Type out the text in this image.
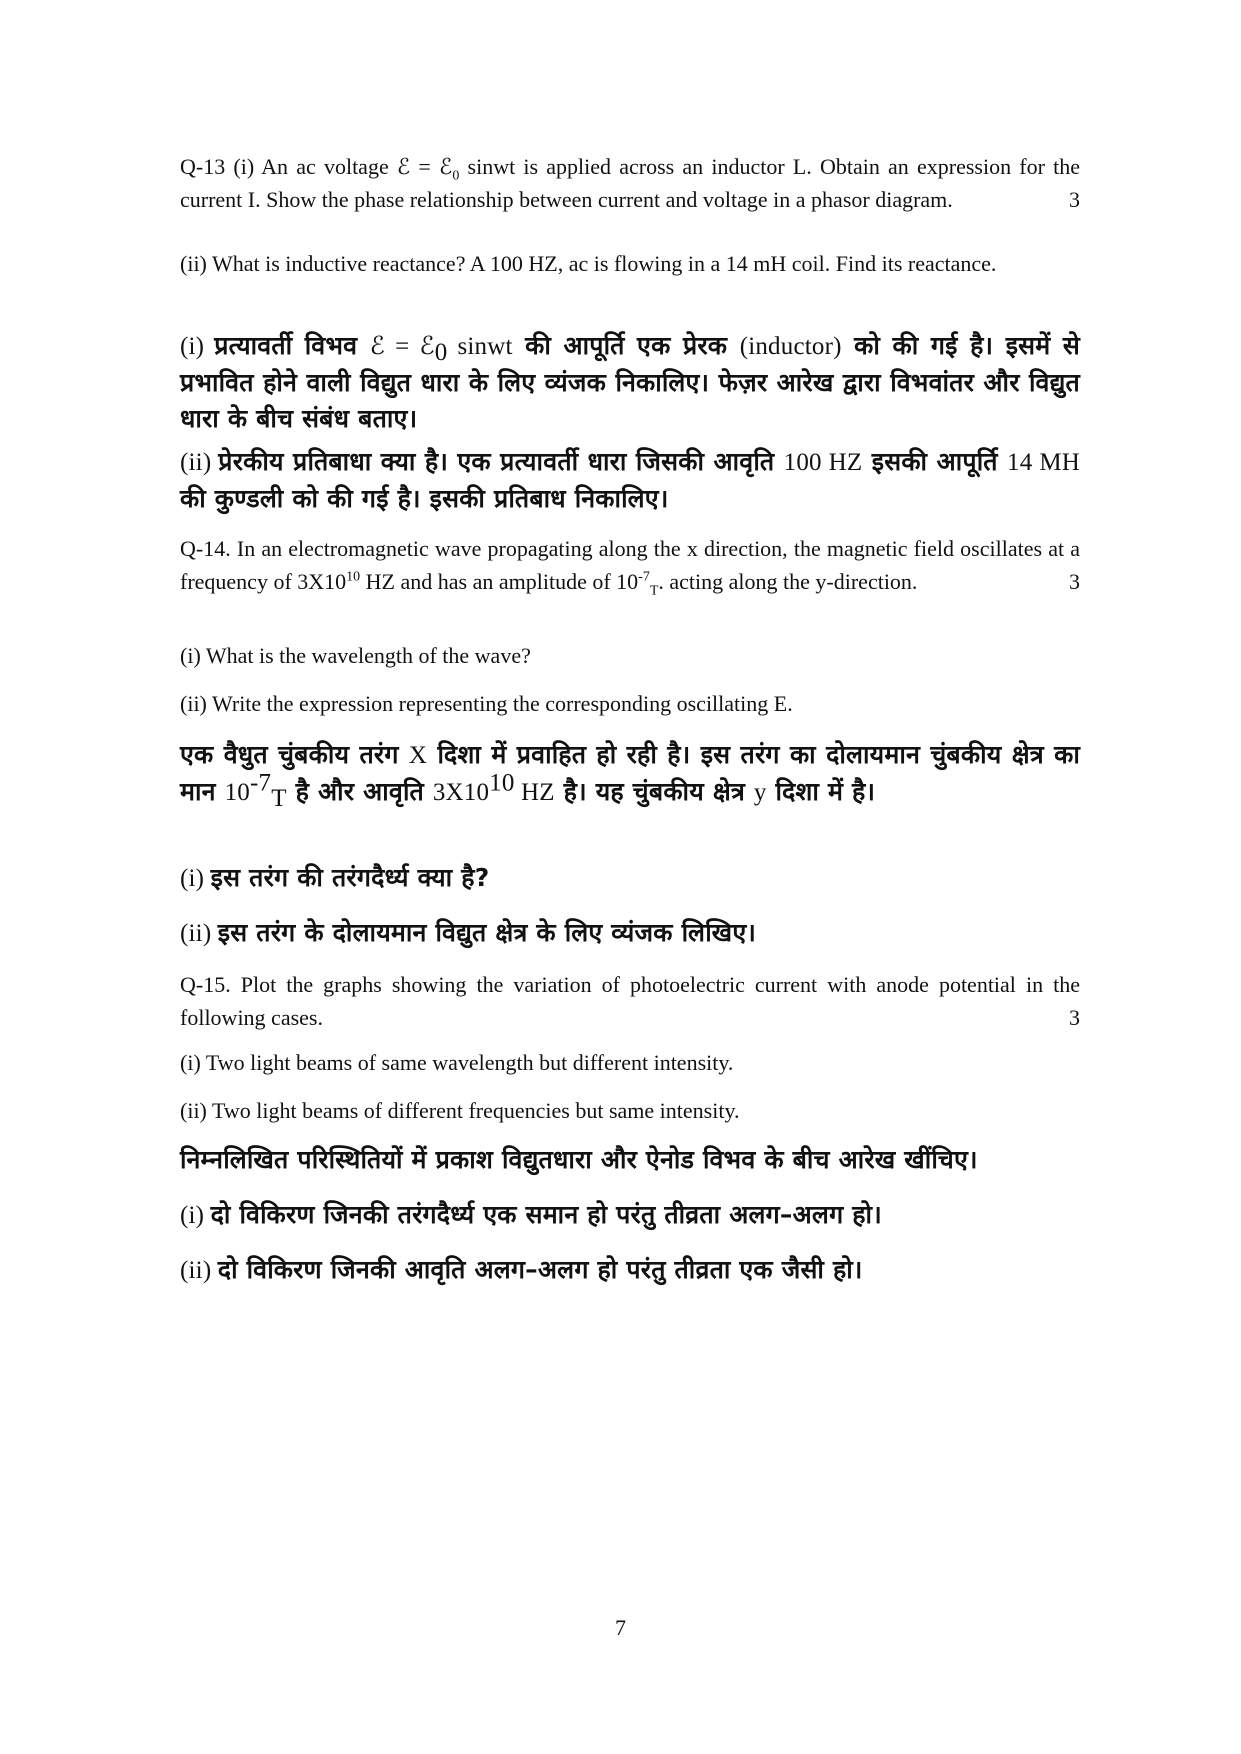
Q-13 (i) An ac voltage ℰ = ℰ$_0$ sinwt is applied across an inductor L. Obtain an expression for the current I. Show the phase relationship between current and voltage in a phasor diagram.	3

(ii) What is inductive reactance? A 100 HZ, ac is flowing in a 14 mH coil. Find its reactance.

(i) प्रत्यावर्ती विभव ℰ = ℰ$_0$ sinwt की आपूर्ति एक प्रेरक (inductor) को की गई है। इसमें से प्रभावित होने वाली विद्युत धारा के लिए व्यंजक निकालिए। फेज़र आरेख द्वारा विभवांतर और विद्युत धारा के बीच संबंध बताए।

(ii) प्रेरकीय प्रतिबाधा क्या है। एक प्रत्यावर्ती धारा जिसकी आवृति 100 HZ इसकी आपूर्ति 14 MH की कुण्डली को की गई है। इसकी प्रतिबाध निकालिए।

Q-14. In an electromagnetic wave propagating along the x direction, the magnetic field oscillates at a frequency of $3X10^{10}$ HZ and has an amplitude of $10^{-7}_T$. acting along the y-direction.	3

(i) What is the wavelength of the wave?

(ii) Write the expression representing the corresponding oscillating E.

एक वैधुत चुंबकीय तरंग X दिशा में प्रवाहित हो रही है। इस तरंग का दोलायमान चुंबकीय क्षेत्र का मान $10^{-7}_T$ है और आवृति $3X10^{10}$ HZ है। यह चुंबकीय क्षेत्र y दिशा में है।

(i) इस तरंग की तरंगदैर्ध्य क्या है?

(ii) इस तरंग के दोलायमान विद्युत क्षेत्र के लिए व्यंजक लिखिए।

Q-15. Plot the graphs showing the variation of photoelectric current with anode potential in the following cases.	3

(i) Two light beams of same wavelength but different intensity.

(ii) Two light beams of different frequencies but same intensity.

निम्नलिखित परिस्थितियों में प्रकाश विद्युतधारा और ऐनोड विभव के बीच आरेख खींचिए।

(i) दो विकिरण जिनकी तरंगदैर्ध्य एक समान हो परंतु तीव्रता अलग–अलग हो।

(ii) दो विकिरण जिनकी आवृति अलग–अलग हो परंतु तीव्रता एक जैसी हो।

7
